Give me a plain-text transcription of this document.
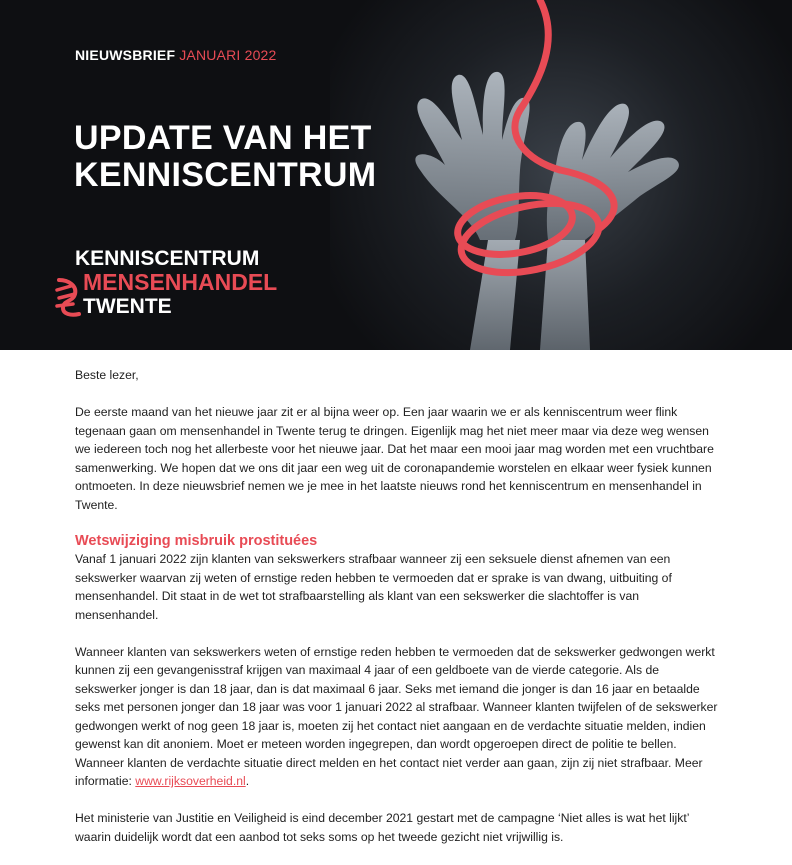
NIEUWSBRIEF JANUARI 2022
UPDATE VAN HET KENNISCENTRUM
KENNISCENTRUM
MENSENHANDEL
TWENTE

Beste lezer,

De eerste maand van het nieuwe jaar zit er al bijna weer op. Een jaar waarin we er als kenniscentrum weer flink tegenaan gaan om mensenhandel in Twente terug te dringen. Eigenlijk mag het niet meer maar via deze weg wensen we iedereen toch nog het allerbeste voor het nieuwe jaar. Dat het maar een mooi jaar mag worden met een vruchtbare samenwerking. We hopen dat we ons dit jaar een weg uit de coronapandemie worstelen en elkaar weer fysiek kunnen ontmoeten. In deze nieuwsbrief nemen we je mee in het laatste nieuws rond het kenniscentrum en mensenhandel in Twente.

Wetswijziging misbruik prostituées

Vanaf 1 januari 2022 zijn klanten van sekswerkers strafbaar wanneer zij een seksuele dienst afnemen van een sekswerker waarvan zij weten of ernstige reden hebben te vermoeden dat er sprake is van dwang, uitbuiting of mensenhandel. Dit staat in de wet tot strafbaarstelling als klant van een sekswerker die slachtoffer is van mensenhandel.

Wanneer klanten van sekswerkers weten of ernstige reden hebben te vermoeden dat de sekswerker gedwongen werkt kunnen zij een gevangenisstraf krijgen van maximaal 4 jaar of een geldboete van de vierde categorie. Als de sekswerker jonger is dan 18 jaar, dan is dat maximaal 6 jaar. Seks met iemand die jonger is dan 16 jaar en betaalde seks met personen jonger dan 18 jaar was voor 1 januari 2022 al strafbaar. Wanneer klanten twijfelen of de sekswerker gedwongen werkt of nog geen 18 jaar is, moeten zij het contact niet aangaan en de verdachte situatie melden, indien gewenst kan dit anoniem. Moet er meteen worden ingegrepen, dan wordt opgeroepen direct de politie te bellen. Wanneer klanten de verdachte situatie direct melden en het contact niet verder aan gaan, zijn zij niet strafbaar. Meer informatie: www.rijksoverheid.nl.

Het ministerie van Justitie en Veiligheid is eind december 2021 gestart met de campagne ‘Niet alles is wat het lijkt’ waarin duidelijk wordt dat een aanbod tot seks soms op het tweede gezicht niet vrijwillig is.
